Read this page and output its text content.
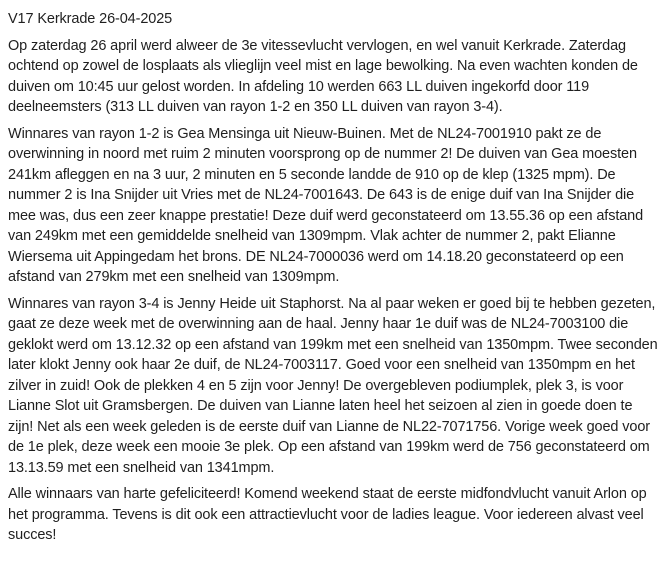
V17 Kerkrade 26-04-2025

Op zaterdag 26 april werd alweer de 3e vitessevlucht vervlogen, en wel vanuit Kerkrade. Zaterdag ochtend op zowel de losplaats als vlieglijn veel mist en lage bewolking. Na even wachten konden de duiven om 10:45 uur gelost worden. In afdeling 10 werden 663 LL duiven ingekorfd door 119 deelneemsters (313 LL duiven van rayon 1-2 en 350 LL duiven van rayon 3-4).

Winnares van rayon 1-2 is Gea Mensinga uit Nieuw-Buinen. Met de NL24-7001910 pakt ze de overwinning in noord met ruim 2 minuten voorsprong op de nummer 2! De duiven van Gea moesten 241km afleggen en na 3 uur, 2 minuten en 5 seconde landde de 910 op de klep (1325 mpm). De nummer 2 is Ina Snijder uit Vries met de NL24-7001643. De 643 is de enige duif van Ina Snijder die mee was, dus een zeer knappe prestatie! Deze duif werd geconstateerd om 13.55.36 op een afstand van 249km met een gemiddelde snelheid van 1309mpm. Vlak achter de nummer 2, pakt Elianne Wiersema uit Appingedam het brons. DE NL24-7000036 werd om 14.18.20 geconstateerd op een afstand van 279km met een snelheid van 1309mpm.

Winnares van rayon 3-4 is Jenny Heide uit Staphorst. Na al paar weken er goed bij te hebben gezeten, gaat ze deze week met de overwinning aan de haal. Jenny haar 1e duif was de NL24-7003100 die geklokt werd om 13.12.32 op een afstand van 199km met een snelheid van 1350mpm. Twee seconden later klokt Jenny ook haar 2e duif, de NL24-7003117. Goed voor een snelheid van 1350mpm en het zilver in zuid! Ook de plekken 4 en 5 zijn voor Jenny! De overgebleven podiumplek, plek 3, is voor Lianne Slot uit Gramsbergen. De duiven van Lianne laten heel het seizoen al zien in goede doen te zijn! Net als een week geleden is de eerste duif van Lianne de NL22-7071756. Vorige week goed voor de 1e plek, deze week een mooie 3e plek. Op een afstand van 199km werd de 756 geconstateerd om 13.13.59 met een snelheid van 1341mpm.

Alle winnaars van harte gefeliciteerd! Komend weekend staat de eerste midfondvlucht vanuit Arlon op het programma. Tevens is dit ook een attractievlucht voor de ladies league. Voor iedereen alvast veel succes!
